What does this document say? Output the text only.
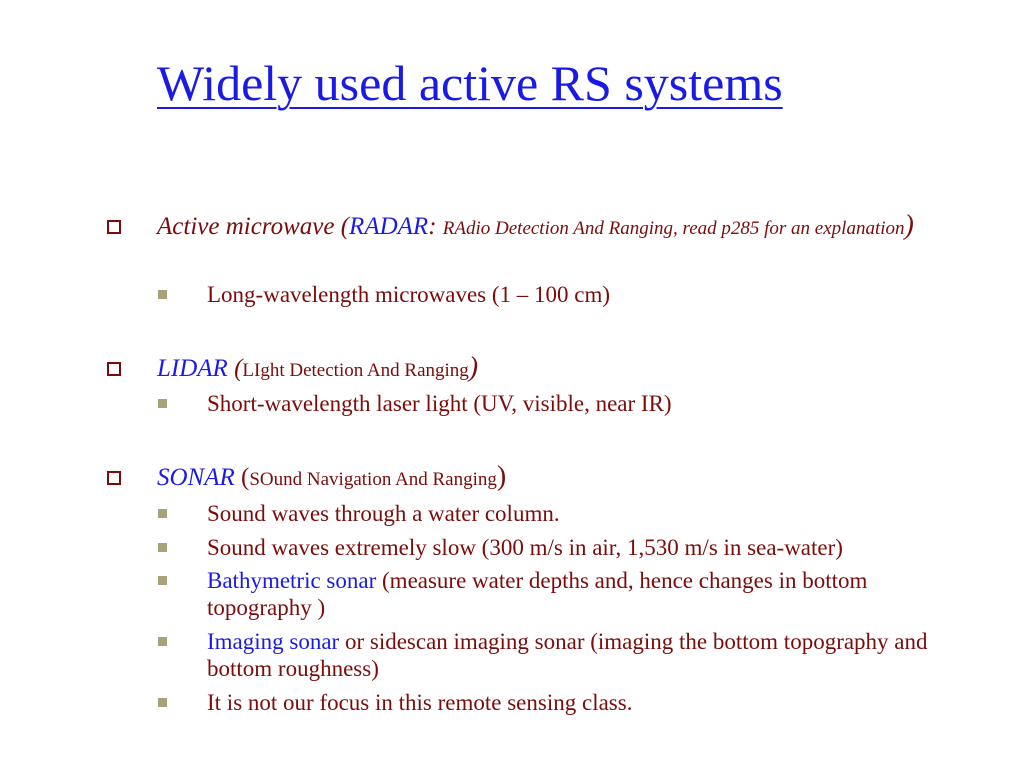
Widely used active RS systems
Active microwave (RADAR: RAdio Detection And Ranging, read p285 for an explanation)
Long-wavelength microwaves (1 – 100 cm)
LIDAR (LIght Detection And Ranging)
Short-wavelength laser light (UV, visible, near IR)
SONAR (SOund Navigation And Ranging)
Sound waves through a water column.
Sound waves extremely slow (300 m/s in air, 1,530 m/s in sea-water)
Bathymetric sonar (measure water depths and, hence changes in bottom topography )
Imaging sonar or sidescan imaging sonar (imaging the bottom topography and bottom roughness)
It is not our focus in this remote sensing class.
